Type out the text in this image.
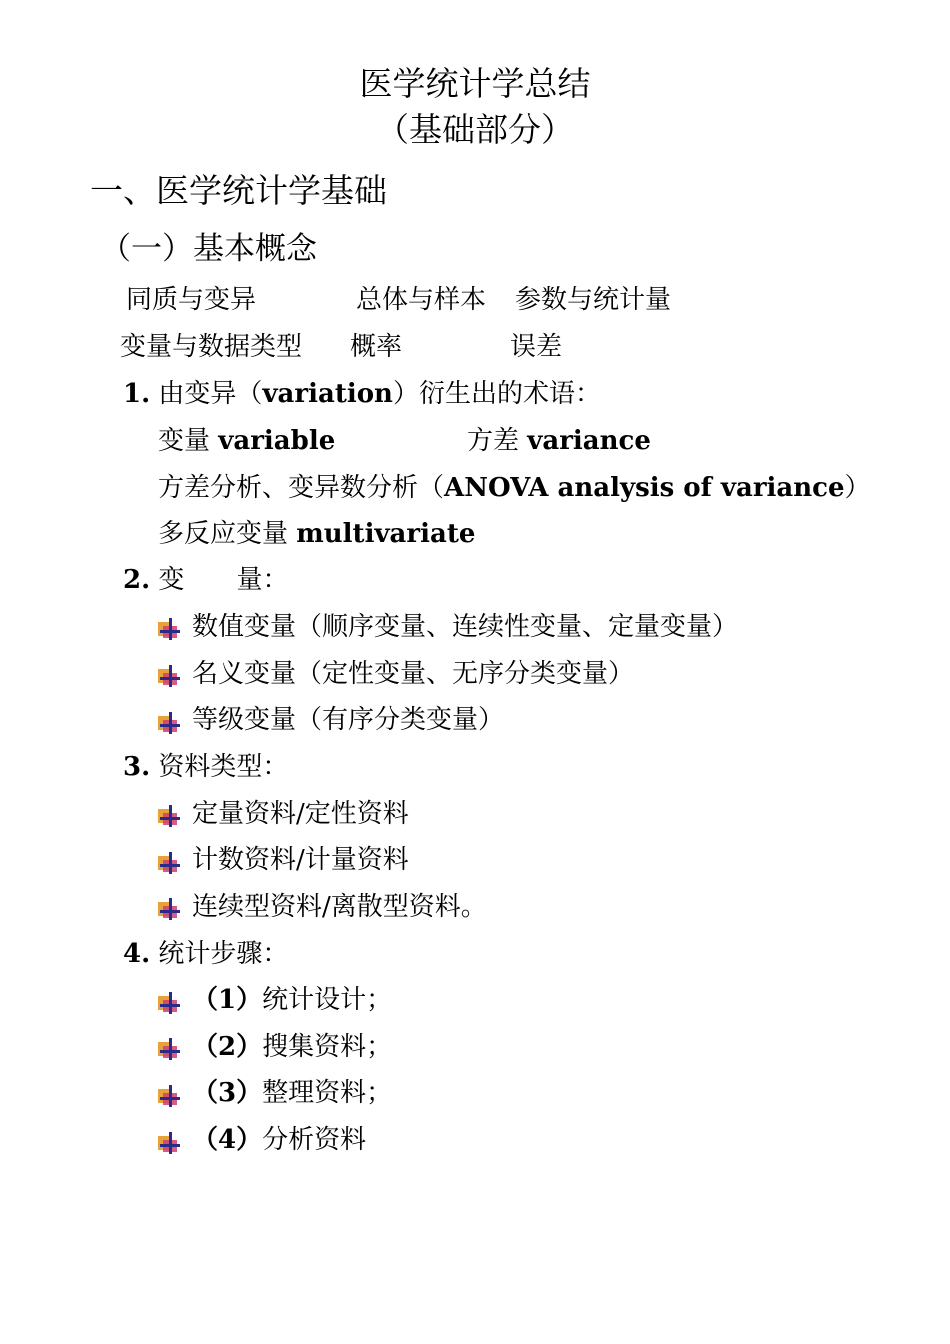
医学统计学总结
（基础部分）
一、医学统计学基础
（一）基本概念
同质与变异	总体与样本 参数与统计量
变量与数据类型 概率	误差
1. 由变异（variation）衍生出的术语：
变量 variable	方差 variance
方差分析、变异数分析（ANOVA analysis of variance）
多反应变量 multivariate
2. 变 量：
数值变量（顺序变量、连续性变量、定量变量）
名义变量（定性变量、无序分类变量）
等级变量（有序分类变量）
3. 资料类型：
定量资料/定性资料
计数资料/计量资料
连续型资料/离散型资料。
4. 统计步骤：
（1）统计设计；
（2）搜集资料；
（3）整理资料；
（4）分析资料
